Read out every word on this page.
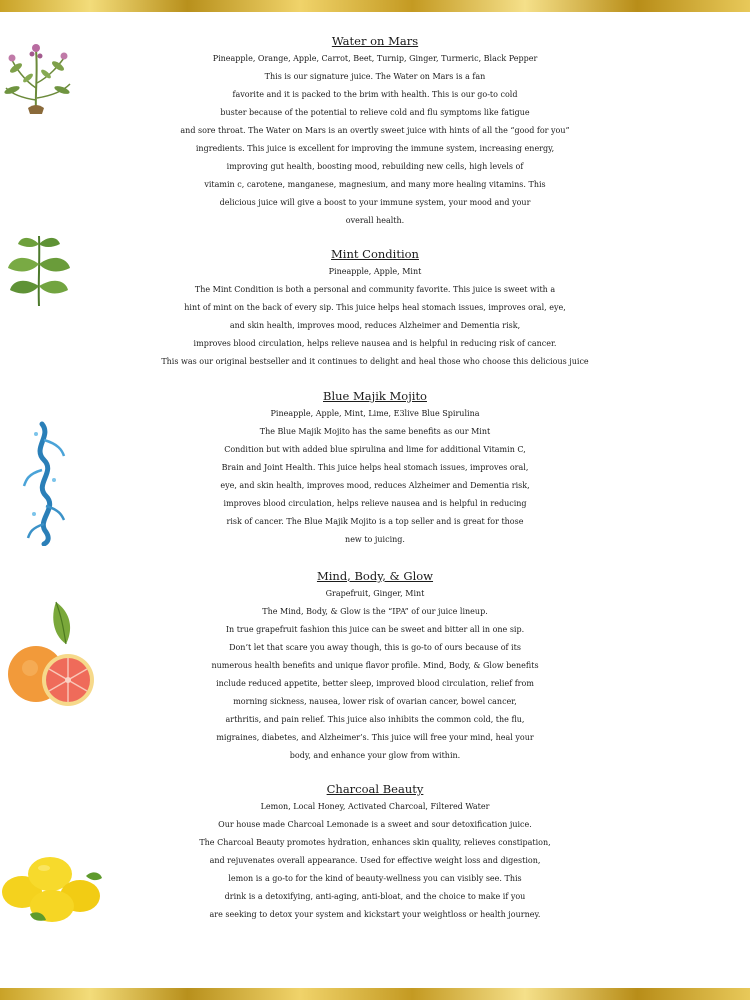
Water on Mars
Pineapple, Orange, Apple, Carrot, Beet, Turnip, Ginger, Turmeric, Black Pepper
This is our signature juice. The Water on Mars is a fan
favorite and it is packed to the brim with health. This is our go-to cold
buster because of the potential to relieve cold and flu symptoms like fatigue
and sore throat. The Water on Mars is an overtly sweet juice with hints of all the “good for you”
ingredients. This juice is excellent for improving the immune system, increasing energy,
improving gut health, boosting mood, rebuilding new cells, high levels of
vitamin c, carotene, manganese, magnesium, and many more healing vitamins. This
delicious juice will give a boost to your immune system, your mood and your
overall health.
Mint Condition
Pineapple, Apple, Mint
The Mint Condition is both a personal and community favorite. This juice is sweet with a
hint of mint on the back of every sip. This juice helps heal stomach issues, improves oral, eye,
and skin health, improves mood, reduces Alzheimer and Dementia risk,
improves blood circulation, helps relieve nausea and is helpful in reducing risk of cancer.
This was our original bestseller and it continues to delight and heal those who choose this delicious juice
Blue Majik Mojito
Pineapple, Apple, Mint, Lime, E3live Blue Spirulina
The Blue Majik Mojito has the same benefits as our Mint
Condition but with added blue spirulina and lime for additional Vitamin C,
Brain and Joint Health. This juice helps heal stomach issues, improves oral,
eye, and skin health, improves mood, reduces Alzheimer and Dementia risk,
improves blood circulation, helps relieve nausea and is helpful in reducing
risk of cancer. The Blue Majik Mojito is a top seller and is great for those
new to juicing.
Mind, Body, & Glow
Grapefruit, Ginger, Mint
The Mind, Body, & Glow is the “IPA” of our juice lineup.
In true grapefruit fashion this juice can be sweet and bitter all in one sip.
Don’t let that scare you away though, this is go-to of ours because of its
numerous health benefits and unique flavor profile. Mind, Body, & Glow benefits
include reduced appetite, better sleep, improved blood circulation, relief from
morning sickness, nausea, lower risk of ovarian cancer, bowel cancer,
arthritis, and pain relief. This juice also inhibits the common cold, the flu,
migraines, diabetes, and Alzheimer’s. This juice will free your mind, heal your
body, and enhance your glow from within.
Charcoal Beauty
Lemon, Local Honey, Activated Charcoal, Filtered Water
Our house made Charcoal Lemonade is a sweet and sour detoxification juice.
The Charcoal Beauty promotes hydration, enhances skin quality, relieves constipation,
and rejuvenates overall appearance. Used for effective weight loss and digestion,
lemon is a go-to for the kind of beauty-wellness you can visibly see. This
drink is a detoxifying, anti-aging, anti-bloat, and the choice to make if you
are seeking to detox your system and kickstart your weightloss or health journey.
